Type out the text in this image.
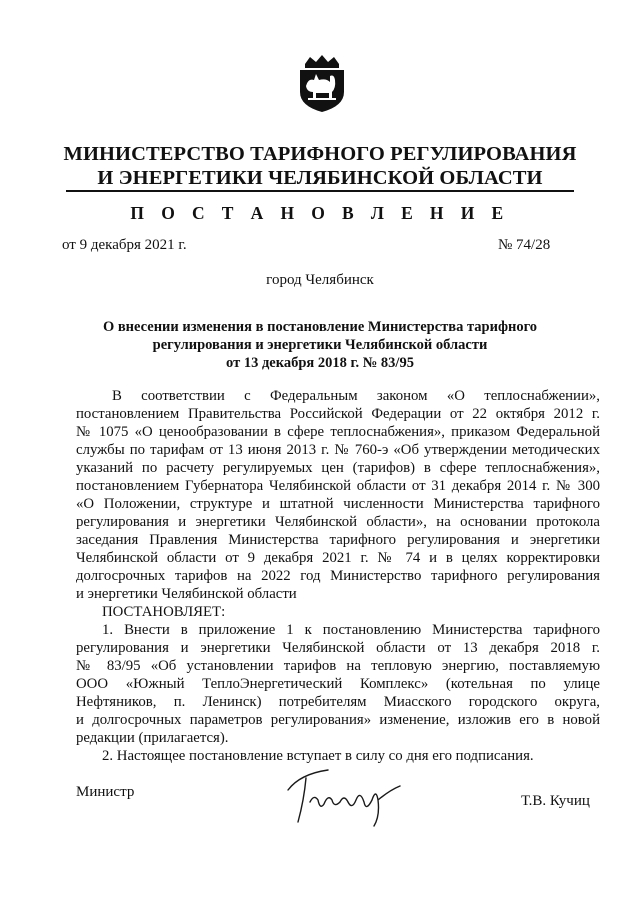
МИНИСТЕРСТВО ТАРИФНОГО РЕГУЛИРОВАНИЯ
И ЭНЕРГЕТИКИ ЧЕЛЯБИНСКОЙ ОБЛАСТИ
П О С Т А Н О В Л Е Н И Е
от 9 декабря 2021 г.	№ 74/28
город Челябинск
О внесении изменения в постановление Министерства тарифного
регулирования и энергетики Челябинской области
от 13 декабря 2018 г. № 83/95
В соответствии с Федеральным законом «О теплоснабжении»,
постановлением Правительства Российской Федерации от 22 октября 2012 г.
№ 1075 «О ценообразовании в сфере теплоснабжения», приказом Федеральной
службы по тарифам от 13 июня 2013 г. № 760-э «Об утверждении методических
указаний по расчету регулируемых цен (тарифов) в сфере теплоснабжения»,
постановлением Губернатора Челябинской области от 31 декабря 2014 г. № 300
«О Положении, структуре и штатной численности Министерства тарифного
регулирования и энергетики Челябинской области», на основании протокола
заседания Правления Министерства тарифного регулирования и энергетики
Челябинской области от 9 декабря 2021 г. № 74 и в целях корректировки
долгосрочных тарифов на 2022 год Министерство тарифного регулирования
и энергетики Челябинской области
ПОСТАНОВЛЯЕТ:
1. Внести в приложение 1 к постановлению Министерства тарифного
регулирования и энергетики Челябинской области от 13 декабря 2018 г.
№ 83/95 «Об установлении тарифов на тепловую энергию, поставляемую
ООО «Южный ТеплоЭнергетический Комплекс» (котельная по улице
Нефтяников, п. Ленинск) потребителям Миасского городского округа,
и долгосрочных параметров регулирования» изменение, изложив его в новой
редакции (прилагается).
2. Настоящее постановление вступает в силу со дня его подписания.
Министр
Т.В. Кучиц
